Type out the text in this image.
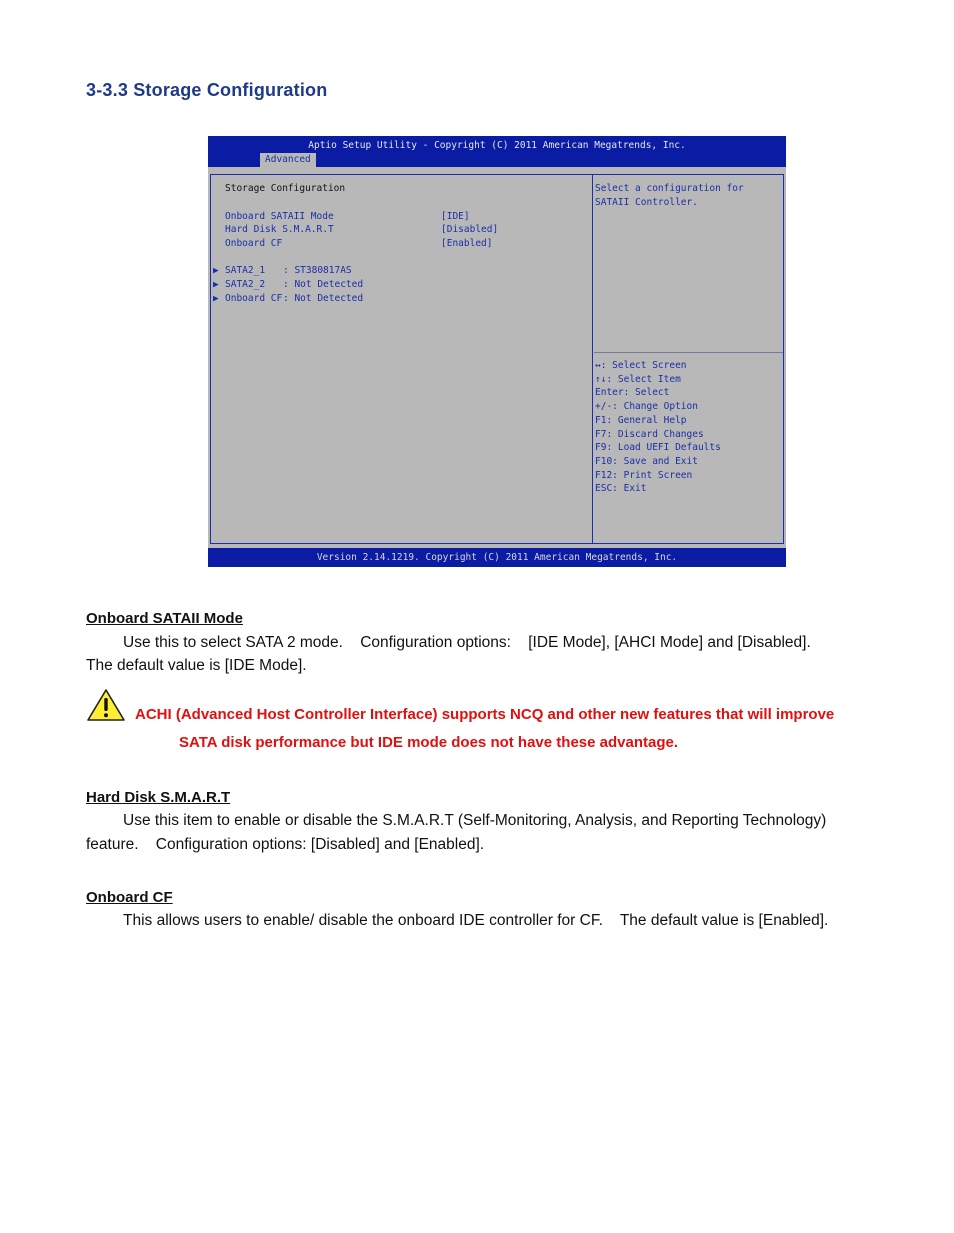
3-3.3 Storage Configuration
Aptio Setup Utility - Copyright (C) 2011 American Megatrends, Inc.
Advanced
Storage Configuration
Onboard SATAII Mode	[IDE]
Hard Disk S.M.A.R.T	[Disabled]
Onboard CF	[Enabled]
▶ SATA2_1 : ST380817AS
▶ SATA2_2 : Not Detected
▶ Onboard CF : Not Detected
Select a configuration for
SATAII Controller.
↔: Select Screen
↑↓: Select Item
Enter: Select
+/-: Change Option
F1: General Help
F7: Discard Changes
F9: Load UEFI Defaults
F10: Save and Exit
F12: Print Screen
ESC: Exit
Version 2.14.1219. Copyright (C) 2011 American Megatrends, Inc.
Onboard SATAII Mode
Use this to select SATA 2 mode.    Configuration options:    [IDE Mode], [AHCI Mode] and [Disabled].
The default value is [IDE Mode].
ACHI (Advanced Host Controller Interface) supports NCQ and other new features that will improve
SATA disk performance but IDE mode does not have these advantage.
Hard Disk S.M.A.R.T
Use this item to enable or disable the S.M.A.R.T (Self-Monitoring, Analysis, and Reporting Technology)
feature.    Configuration options: [Disabled] and [Enabled].
Onboard CF
This allows users to enable/ disable the onboard IDE controller for CF.    The default value is [Enabled].
